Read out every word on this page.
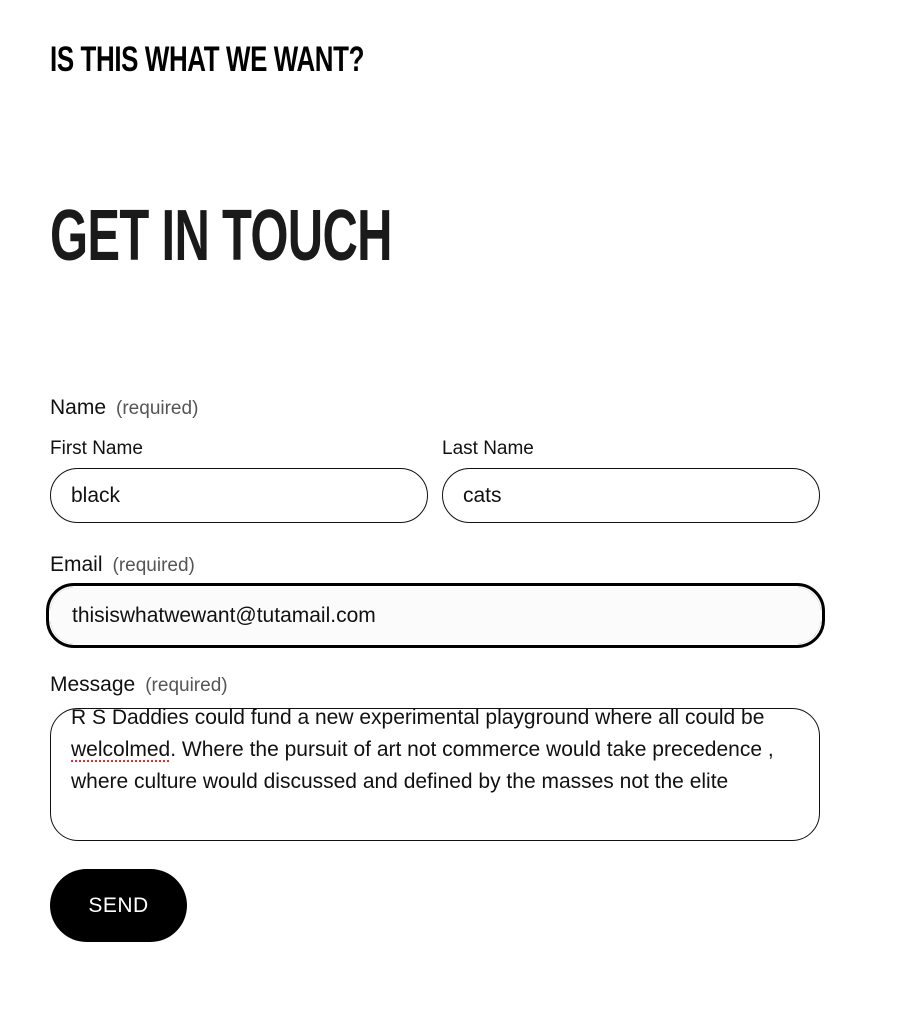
IS THIS WHAT WE WANT?
GET IN TOUCH
Name (required)
First Name	Last Name
black	cats
Email (required)
thisiswhatwewant@tutamail.com
Message (required)
R S Daddies could fund a new experimental playground where all could be welcolmed. Where the pursuit of art not commerce would take precedence , where culture would discussed and defined by the masses not the elite
SEND
